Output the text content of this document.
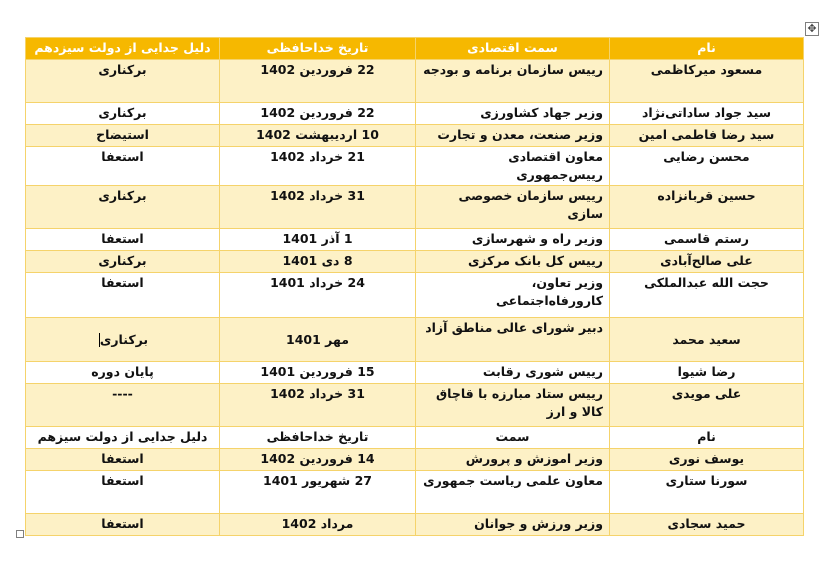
✥
نام	سمت اقتصادی	تاریخ خداحافظی	دلیل جدایی از دولت سیزدهم
مسعود میرکاظمی	رییس سازمان برنامه و بودجه	22 فروردین 1402	برکناری
سید جواد ساداتی‌نژاد	وزیر جهاد کشاورزی	22 فروردین 1402	برکناری
سید رضا فاطمی امین	وزیر صنعت، معدن و تجارت	10 اردیبهشت 1402	استیضاح
محسن رضایی	معاون اقتصادی رییس‌جمهوری	21 خرداد 1402	استعفا
حسین قربانزاده	رییس سازمان خصوصی سازی	31 خرداد 1402	برکناری
رستم قاسمی	وزیر راه و شهرسازی	1 آذر 1401	استعفا
علی صالح‌آبادی	رییس کل بانک مرکزی	8 دی 1401	برکناری
حجت الله عبدالملکی	وزیر تعاون، کارورفاه‌اجتماعی	24 خرداد 1401	استعفا
سعید محمد	دبیر شورای عالی مناطق آزاد	مهر 1401	برکناری
رضا شیوا	رییس شوری رقابت	15 فروردین 1401	پایان دوره
علی مویدی	رییس ستاد مبارزه با قاچاق کالا و ارز	31 خرداد 1402	----
نام	سمت	تاریخ خداحافظی	دلیل جدایی از دولت سیزهم
یوسف نوری	وزیر اموزش و پرورش	14 فروردین 1402	استعفا
سورنا ستاری	معاون علمی ریاست جمهوری	27 شهریور 1401	استعفا
حمید سجادی	وزیر ورزش و جوانان	مرداد 1402	استعفا
